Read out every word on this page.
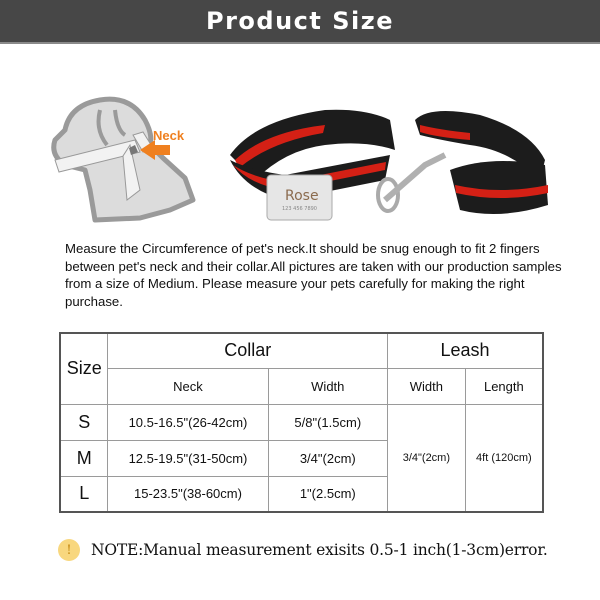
Product Size
Neck
Rose
123 456 7890

Measure the Circumference of pet's neck.It should be snug enough to fit 2 fingers between pet's neck and their collar.All pictures are taken with our production samples from a size of Medium. Please measure your pets carefully for making the right purchase.

Size	Collar		Leash	
	Neck	Width	Width	Length
S	10.5-16.5"(26-42cm)	5/8"(1.5cm)	3/4"(2cm)	4ft (120cm)
M	12.5-19.5"(31-50cm)	3/4"(2cm)		
L	15-23.5"(38-60cm)	1"(2.5cm)		
!	NOTE:Manual measurement exisits 0.5-1 inch(1-3cm)error.
